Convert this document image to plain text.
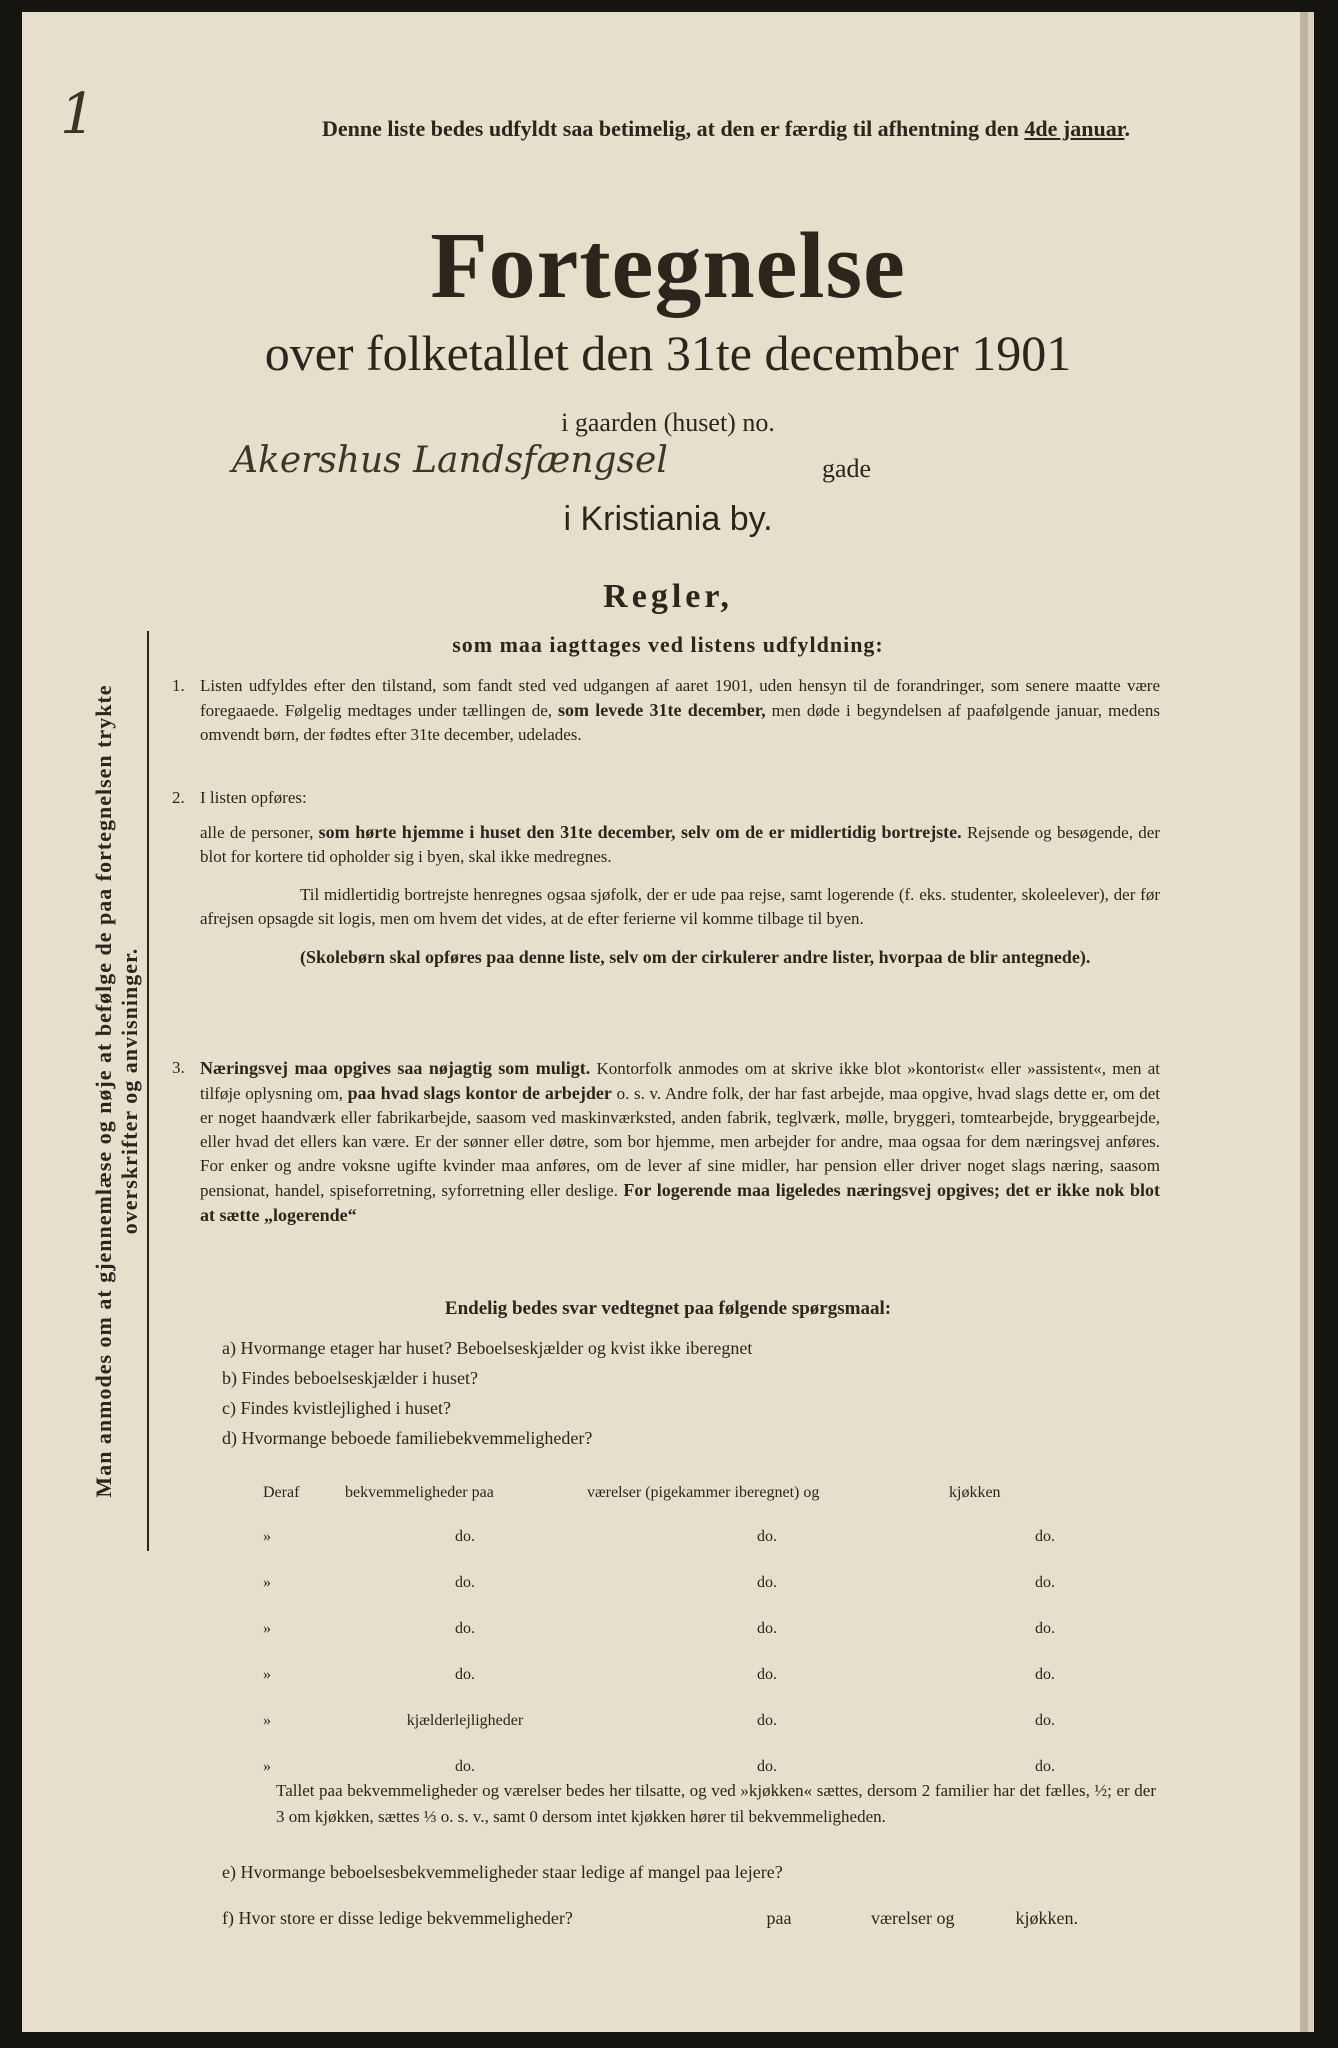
1	Denne liste bedes udfyldt saa betimelig, at den er færdig til afhentning den 4de januar.

Fortegnelse
over folketallet den 31te december 1901
i gaarden (huset) no.
Akershus Landsfængsel	gade
i Kristiania by.
Regler,
som maa iagttages ved listens udfyldning:
Man anmodes om at gjennemlæse og nøje at befølge de paa fortegnelsen trykte overskrifter og anvisninger.
1. Listen udfyldes efter den tilstand, som fandt sted ved udgangen af aaret 1901, uden hensyn til de forandringer, som senere maatte være foregaaede. Følgelig medtages under tællingen de, som levede 31te december, men døde i begyndelsen af paafølgende januar, medens omvendt børn, der fødtes efter 31te december, udelades.
2. I listen opføres:
alle de personer, som hørte hjemme i huset den 31te december, selv om de er midlertidig bortrejste. Rejsende og besøgende, der blot for kortere tid opholder sig i byen, skal ikke medregnes.
Til midlertidig bortrejste henregnes ogsaa sjøfolk, der er ude paa rejse, samt logerende (f. eks. studenter, skoleelever), der før afrejsen opsagde sit logis, men om hvem det vides, at de efter ferierne vil komme tilbage til byen.
(Skolebørn skal opføres paa denne liste, selv om der cirkulerer andre lister, hvorpaa de blir antegnede).
3. Næringsvej maa opgives saa nøjagtig som muligt. Kontorfolk anmodes om at skrive ikke blot »kontorist« eller »assistent«, men at tilføje oplysning om, paa hvad slags kontor de arbejder o. s. v. Andre folk, der har fast arbejde, maa opgive, hvad slags dette er, om det er noget haandværk eller fabrikarbejde, saasom ved maskinværksted, anden fabrik, teglværk, mølle, bryggeri, tomtearbejde, bryggearbejde, eller hvad det ellers kan være. Er der sønner eller døtre, som bor hjemme, men arbejder for andre, maa ogsaa for dem næringsvej anføres. For enker og andre voksne ugifte kvinder maa anføres, om de lever af sine midler, har pension eller driver noget slags næring, saasom pensionat, handel, spiseforretning, syforretning eller deslige. For logerende maa ligeledes næringsvej opgives; det er ikke nok blot at sætte „logerende“
Endelig bedes svar vedtegnet paa følgende spørgsmaal:
a) Hvormange etager har huset? Beboelseskjælder og kvist ikke iberegnet
b) Findes beboelseskjælder i huset?
c) Findes kvistlejlighed i huset?
d) Hvormange beboede familiebekvemmeligheder?
Deraf	bekvemmeligheder paa	værelser (pigekammer iberegnet) og	kjøkken
»	do.	do.	do.
»	do.	do.	do.
»	do.	do.	do.
»	do.	do.	do.
»	kjælderlejligheder	do.	do.
»	do.	do.	do.
Tallet paa bekvemmeligheder og værelser bedes her tilsatte, og ved »kjøkken« sættes, dersom 2 familier har det fælles, ½; er der 3 om kjøkken, sættes ⅓ o. s. v., samt 0 dersom intet kjøkken hører til bekvemmeligheden.
e) Hvormange beboelsesbekvemmeligheder staar ledige af mangel paa lejere?
f) Hvor store er disse ledige bekvemmeligheder?	paa	værelser og	kjøkken.
